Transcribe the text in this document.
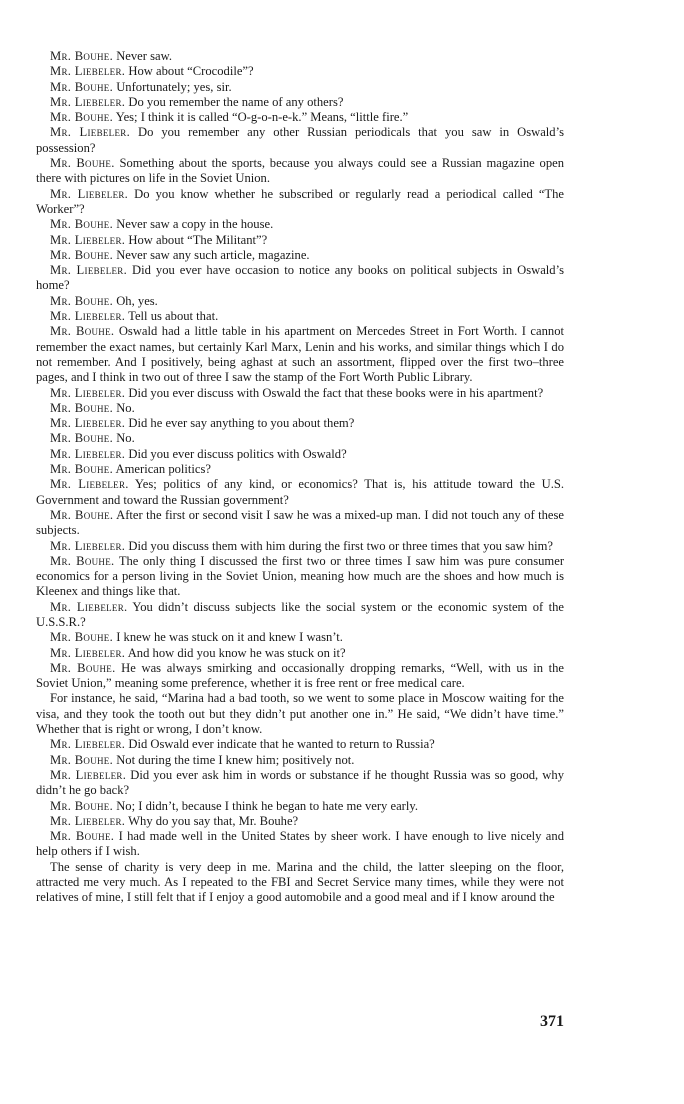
Mr. Bouhe. Never saw.

Mr. Liebeler. How about “Crocodile”?

Mr. Bouhe. Unfortunately; yes, sir.

Mr. Liebeler. Do you remember the name of any others?

Mr. Bouhe. Yes; I think it is called “O-g-o-n-e-k.” Means, “little fire.”

Mr. Liebeler. Do you remember any other Russian periodicals that you saw in Oswald’s possession?

Mr. Bouhe. Something about the sports, because you always could see a Russian magazine open there with pictures on life in the Soviet Union.

Mr. Liebeler. Do you know whether he subscribed or regularly read a periodical called “The Worker”?

Mr. Bouhe. Never saw a copy in the house.

Mr. Liebeler. How about “The Militant”?

Mr. Bouhe. Never saw any such article, magazine.

Mr. Liebeler. Did you ever have occasion to notice any books on political subjects in Oswald’s home?

Mr. Bouhe. Oh, yes.

Mr. Liebeler. Tell us about that.

Mr. Bouhe. Oswald had a little table in his apartment on Mercedes Street in Fort Worth. I cannot remember the exact names, but certainly Karl Marx, Lenin and his works, and similar things which I do not remember. And I positively, being aghast at such an assortment, flipped over the first two–three pages, and I think in two out of three I saw the stamp of the Fort Worth Public Library.

Mr. Liebeler. Did you ever discuss with Oswald the fact that these books were in his apartment?

Mr. Bouhe. No.

Mr. Liebeler. Did he ever say anything to you about them?

Mr. Bouhe. No.

Mr. Liebeler. Did you ever discuss politics with Oswald?

Mr. Bouhe. American politics?

Mr. Liebeler. Yes; politics of any kind, or economics? That is, his attitude toward the U.S. Government and toward the Russian government?

Mr. Bouhe. After the first or second visit I saw he was a mixed-up man. I did not touch any of these subjects.

Mr. Liebeler. Did you discuss them with him during the first two or three times that you saw him?

Mr. Bouhe. The only thing I discussed the first two or three times I saw him was pure consumer economics for a person living in the Soviet Union, meaning how much are the shoes and how much is Kleenex and things like that.

Mr. Liebeler. You didn’t discuss subjects like the social system or the economic system of the U.S.S.R.?

Mr. Bouhe. I knew he was stuck on it and knew I wasn’t.

Mr. Liebeler. And how did you know he was stuck on it?

Mr. Bouhe. He was always smirking and occasionally dropping remarks, “Well, with us in the Soviet Union,” meaning some preference, whether it is free rent or free medical care.

For instance, he said, “Marina had a bad tooth, so we went to some place in Moscow waiting for the visa, and they took the tooth out but they didn’t put another one in.” He said, “We didn’t have time.” Whether that is right or wrong, I don’t know.

Mr. Liebeler. Did Oswald ever indicate that he wanted to return to Russia?

Mr. Bouhe. Not during the time I knew him; positively not.

Mr. Liebeler. Did you ever ask him in words or substance if he thought Russia was so good, why didn’t he go back?

Mr. Bouhe. No; I didn’t, because I think he began to hate me very early.

Mr. Liebeler. Why do you say that, Mr. Bouhe?

Mr. Bouhe. I had made well in the United States by sheer work. I have enough to live nicely and help others if I wish.

The sense of charity is very deep in me. Marina and the child, the latter sleeping on the floor, attracted me very much. As I repeated to the FBI and Secret Service many times, while they were not relatives of mine, I still felt that if I enjoy a good automobile and a good meal and if I know around the

371
